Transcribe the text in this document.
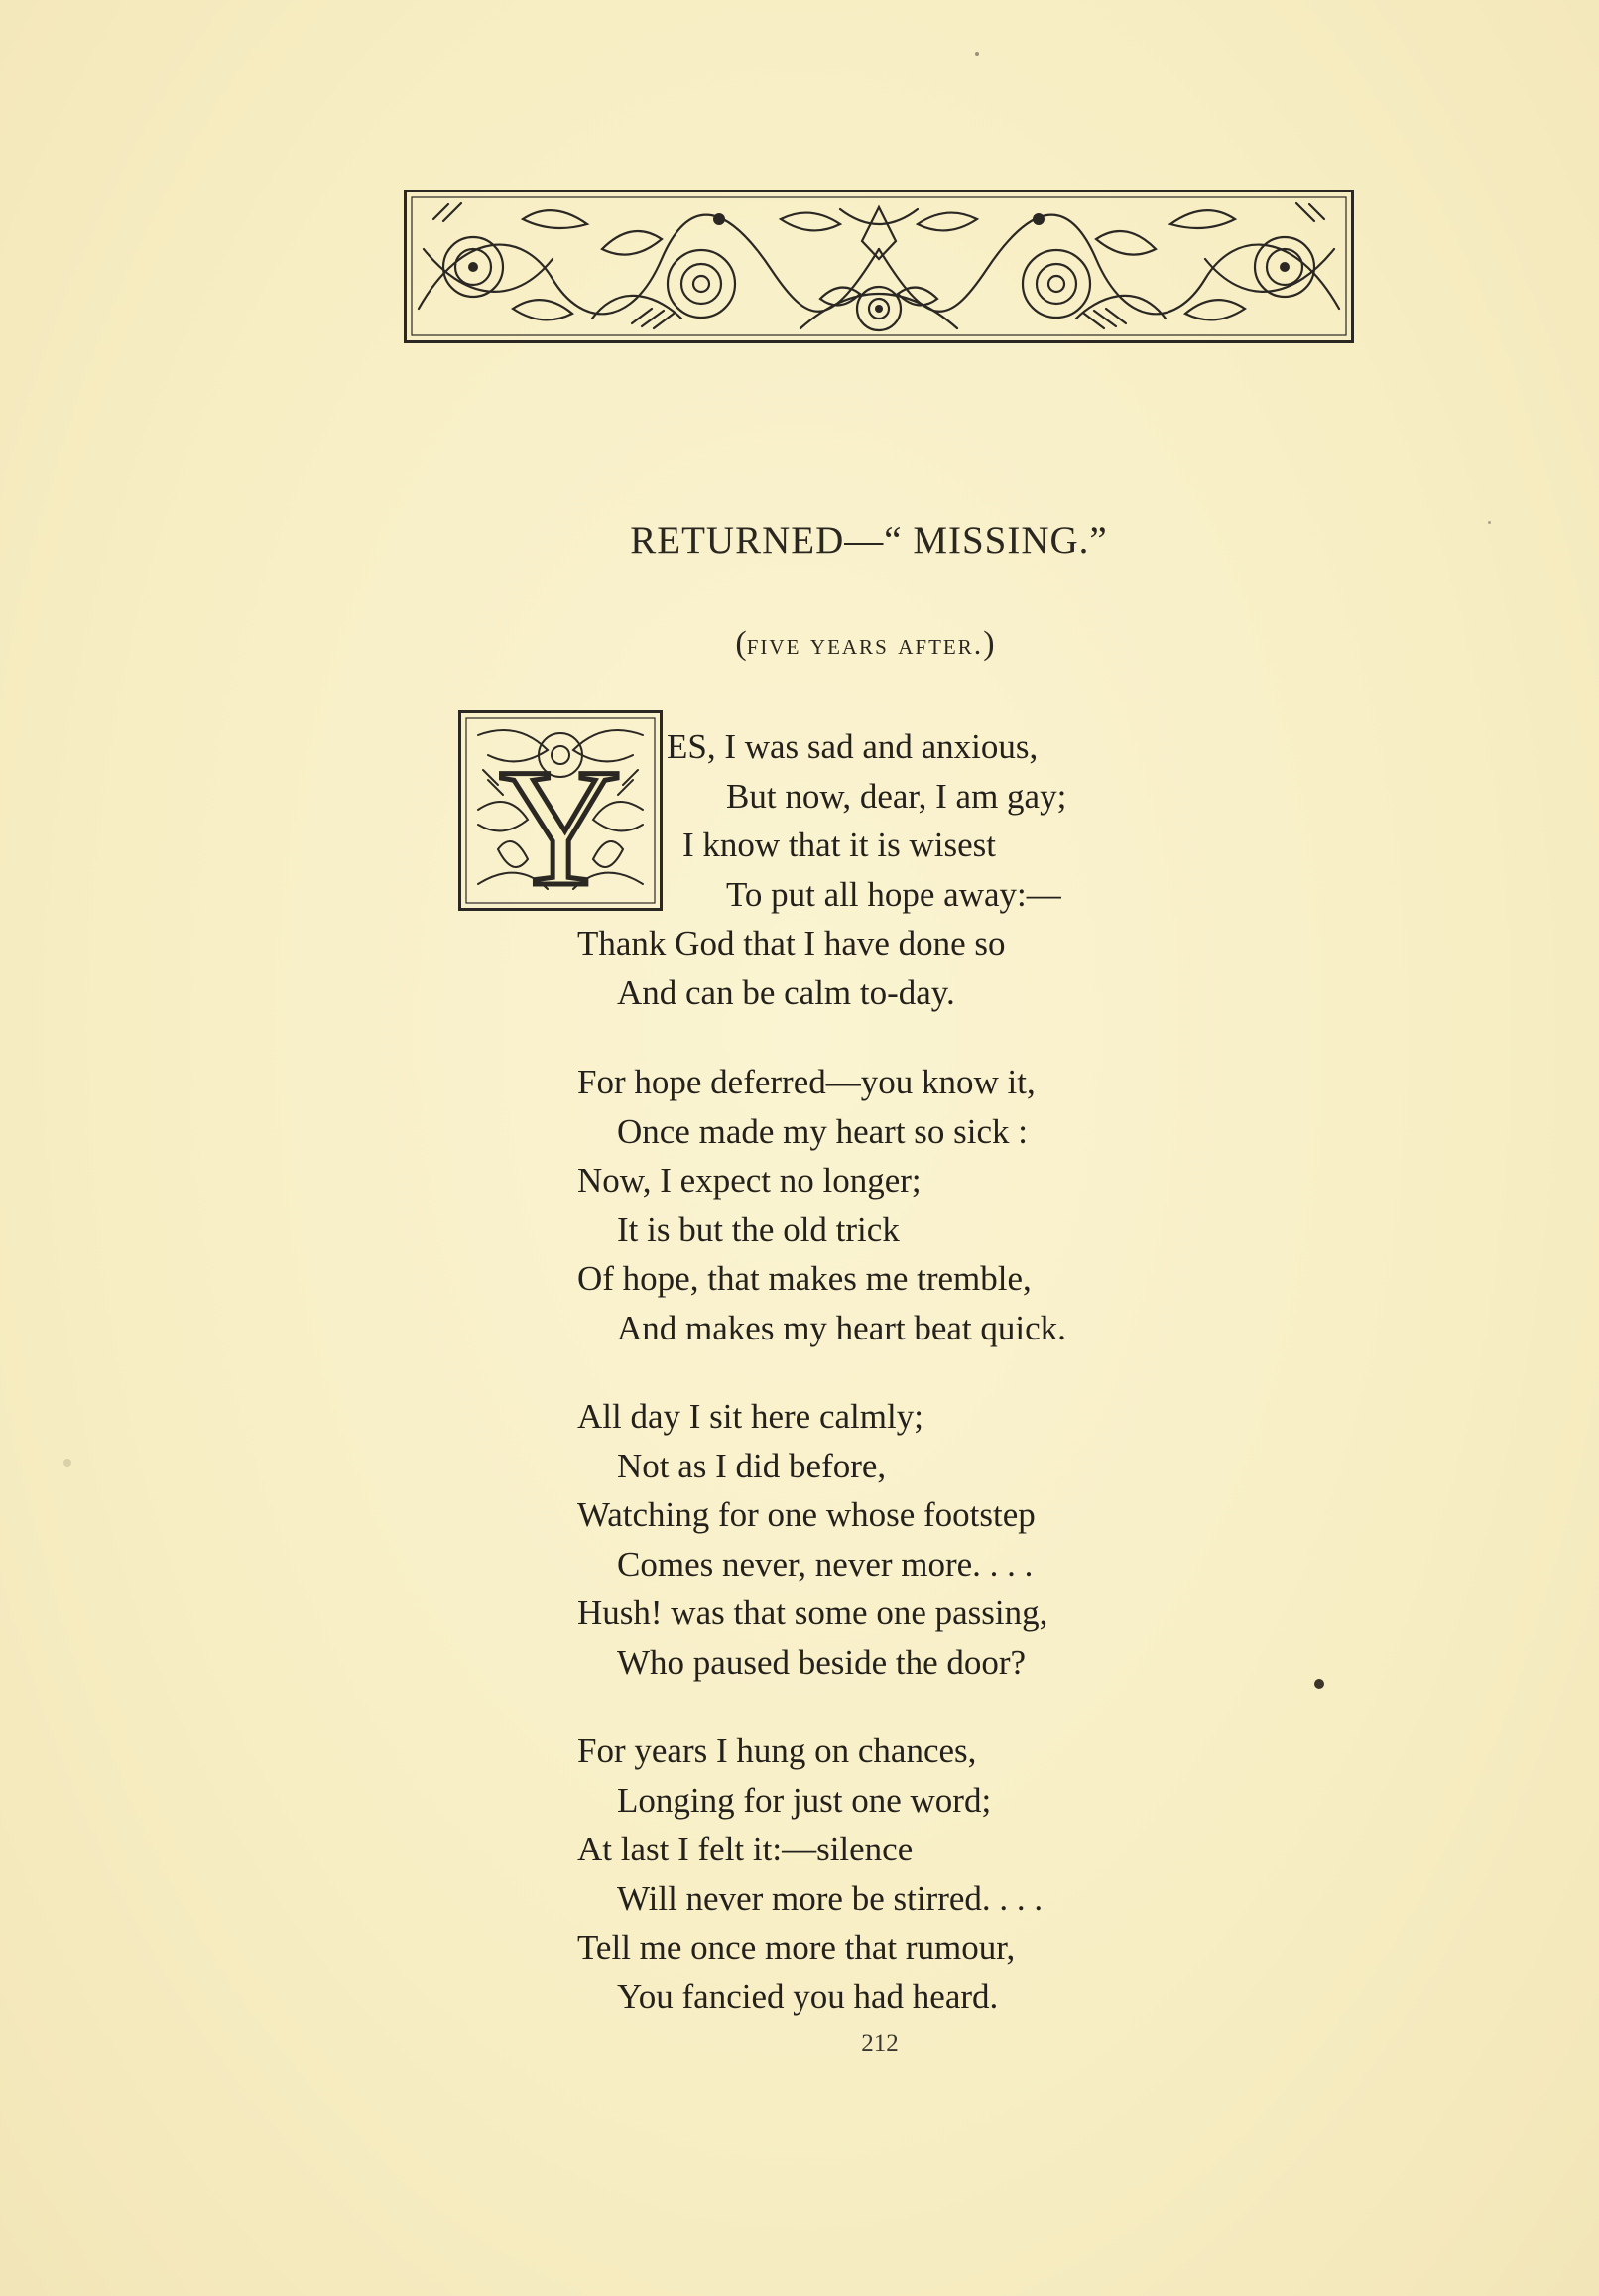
RETURNED—“ MISSING.”
(five years after.)
Y ES, I was sad and anxious,
But now, dear, I am gay;
I know that it is wisest
To put all hope away:—
Thank God that I have done so
And can be calm to-day.
For hope deferred—you know it,
Once made my heart so sick :
Now, I expect no longer;
It is but the old trick
Of hope, that makes me tremble,
And makes my heart beat quick.
All day I sit here calmly;
Not as I did before,
Watching for one whose footstep
Comes never, never more. . . .
Hush! was that some one passing,
Who paused beside the door?
For years I hung on chances,
Longing for just one word;
At last I felt it:—silence
Will never more be stirred. . . .
Tell me once more that rumour,
You fancied you had heard.
212
